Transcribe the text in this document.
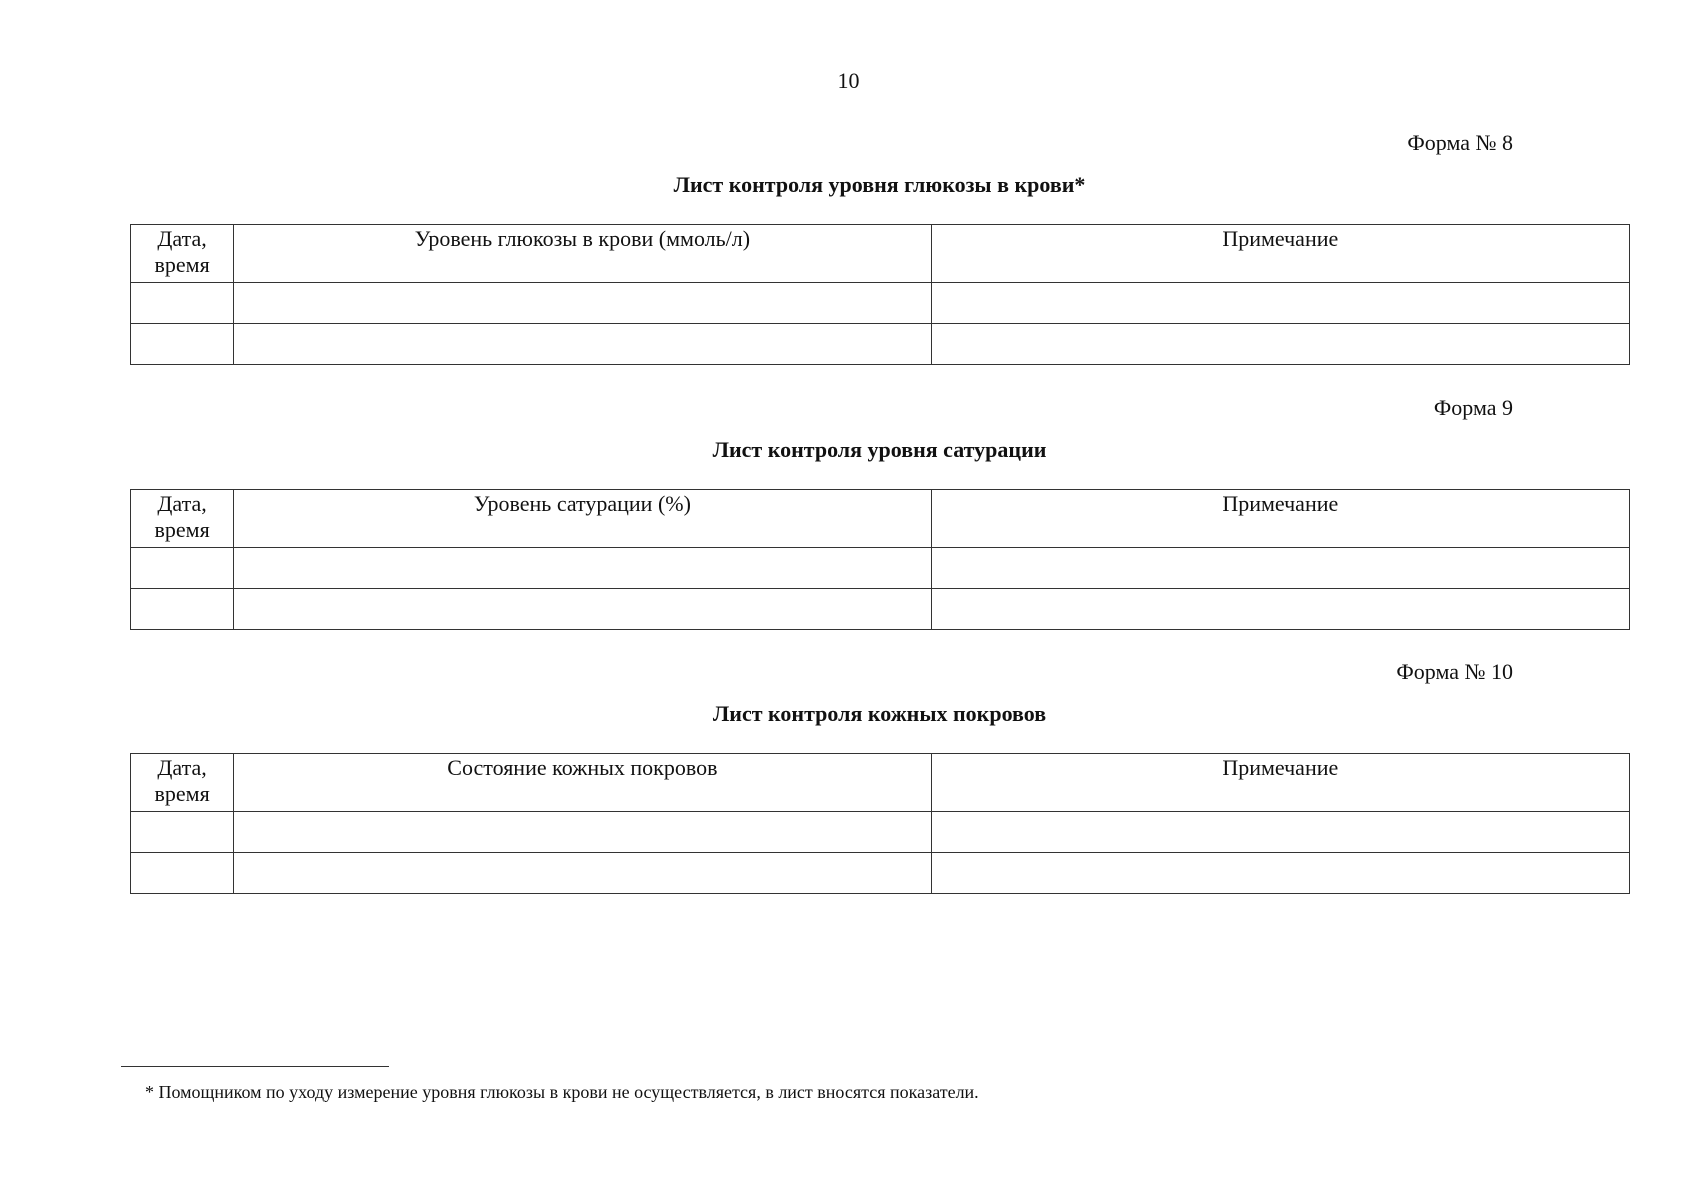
10
Форма № 8
Лист контроля уровня глюкозы в крови*
Дата,
время	Уровень глюкозы в крови (ммоль/л)	Примечание

Форма 9
Лист контроля уровня сатурации
Дата,
время	Уровень сатурации (%)	Примечание

Форма № 10
Лист контроля кожных покровов
Дата,
время	Состояние кожных покровов	Примечание

* Помощником по уходу измерение уровня глюкозы в крови не осуществляется, в лист вносятся показатели.
